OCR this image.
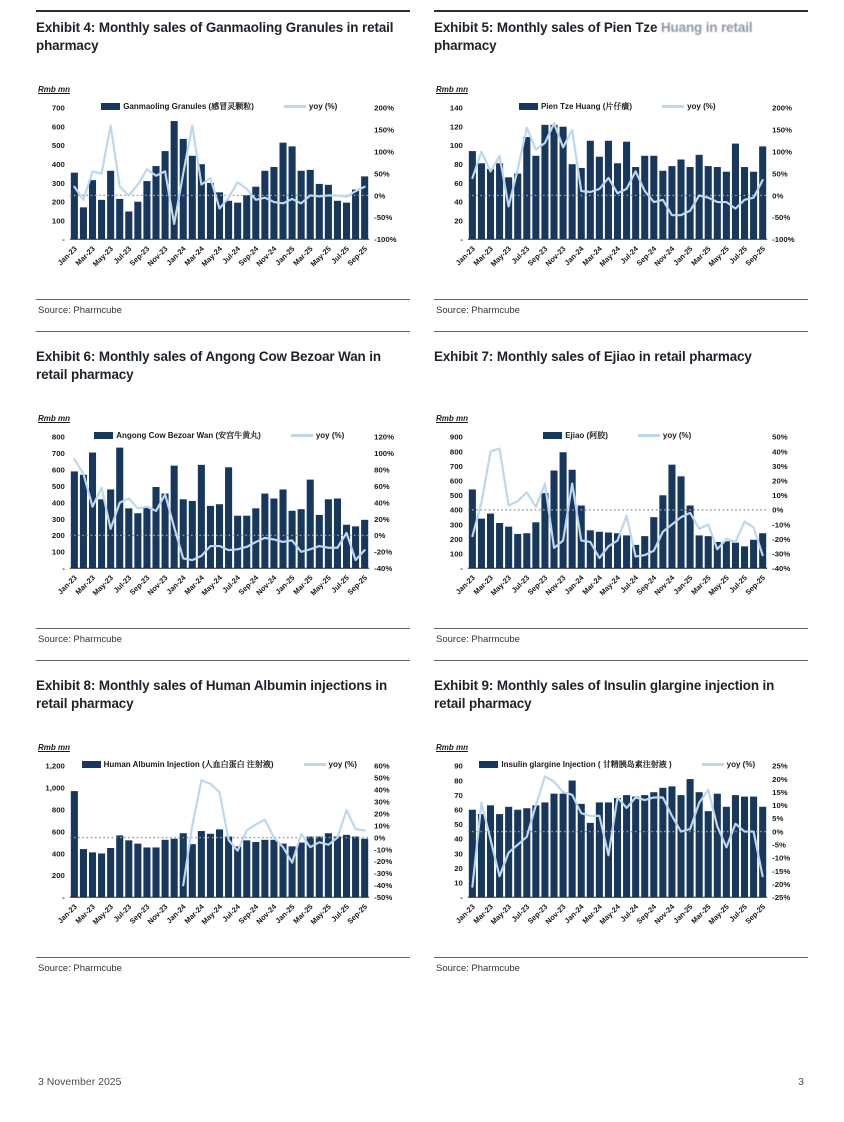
Exhibit 4: Monthly sales of Ganmaoling Granules in retail pharmacy
Rmb mn
Ganmaoling Granules (感冒灵颗粒)	yoy (%)
-
100
200
300
400
500
600
700
-100%
-50%
0%
50%
100%
150%
200%
Jan-23
Mar-23
May-23
Jul-23
Sep-23
Nov-23
Jan-24
Mar-24
May-24
Jul-24
Sep-24
Nov-24
Jan-25
Mar-25
May-25
Jul-25
Sep-25
Source: Pharmcube
Exhibit 5: Monthly sales of Pien Tze Huang in retail pharmacy
Rmb mn
Pien Tze Huang (片仔癀)	yoy (%)
-
20
40
60
80
100
120
140
-100%
-50%
0%
50%
100%
150%
200%
Jan-23
Mar-23
May-23
Jul-23
Sep-23
Nov-23
Jan-24
Mar-24
May-24
Jul-24
Sep-24
Nov-24
Jan-25
Mar-25
May-25
Jul-25
Sep-25
Source: Pharmcube
Exhibit 6: Monthly sales of Angong Cow Bezoar Wan in retail pharmacy
Rmb mn
Angong Cow Bezoar Wan (安宫牛黄丸)	yoy (%)
-
100
200
300
400
500
600
700
800
-40%
-20%
0%
20%
40%
60%
80%
100%
120%
Jan-23
Mar-23
May-23
Jul-23
Sep-23
Nov-23
Jan-24
Mar-24
May-24
Jul-24
Sep-24
Nov-24
Jan-25
Mar-25
May-25
Jul-25
Sep-25
Source: Pharmcube
Exhibit 7: Monthly sales of Ejiao in retail pharmacy
Rmb mn
Ejiao (阿胶)	yoy (%)
-
100
200
300
400
500
600
700
800
900
-40%
-30%
-20%
-10%
0%
10%
20%
30%
40%
50%
Jan-23
Mar-23
May-23
Jul-23
Sep-23
Nov-23
Jan-24
Mar-24
May-24
Jul-24
Sep-24
Nov-24
Jan-25
Mar-25
May-25
Jul-25
Sep-25
Source: Pharmcube
Exhibit 8: Monthly sales of Human Albumin injections in retail pharmacy
Rmb mn
Human Albumin Injection (人血白蛋白 注射液)	yoy (%)
-
200
400
600
800
1,000
1,200
-50%
-40%
-30%
-20%
-10%
0%
10%
20%
30%
40%
50%
60%
Jan-23
Mar-23
May-23
Jul-23
Sep-23
Nov-23
Jan-24
Mar-24
May-24
Jul-24
Sep-24
Nov-24
Jan-25
Mar-25
May-25
Jul-25
Sep-25
Source: Pharmcube
Exhibit 9: Monthly sales of Insulin glargine injection in retail pharmacy
Rmb mn
Insulin glargine Injection ( 甘精胰岛素注射液 )	yoy (%)
-
10
20
30
40
50
60
70
80
90
-25%
-20%
-15%
-10%
-5%
0%
5%
10%
15%
20%
25%
Jan-23
Mar-23
May-23
Jul-23
Sep-23
Nov-23
Jan-24
Mar-24
May-24
Jul-24
Sep-24
Nov-24
Jan-25
Mar-25
May-25
Jul-25
Sep-25
Source: Pharmcube
3 November 2025	3
